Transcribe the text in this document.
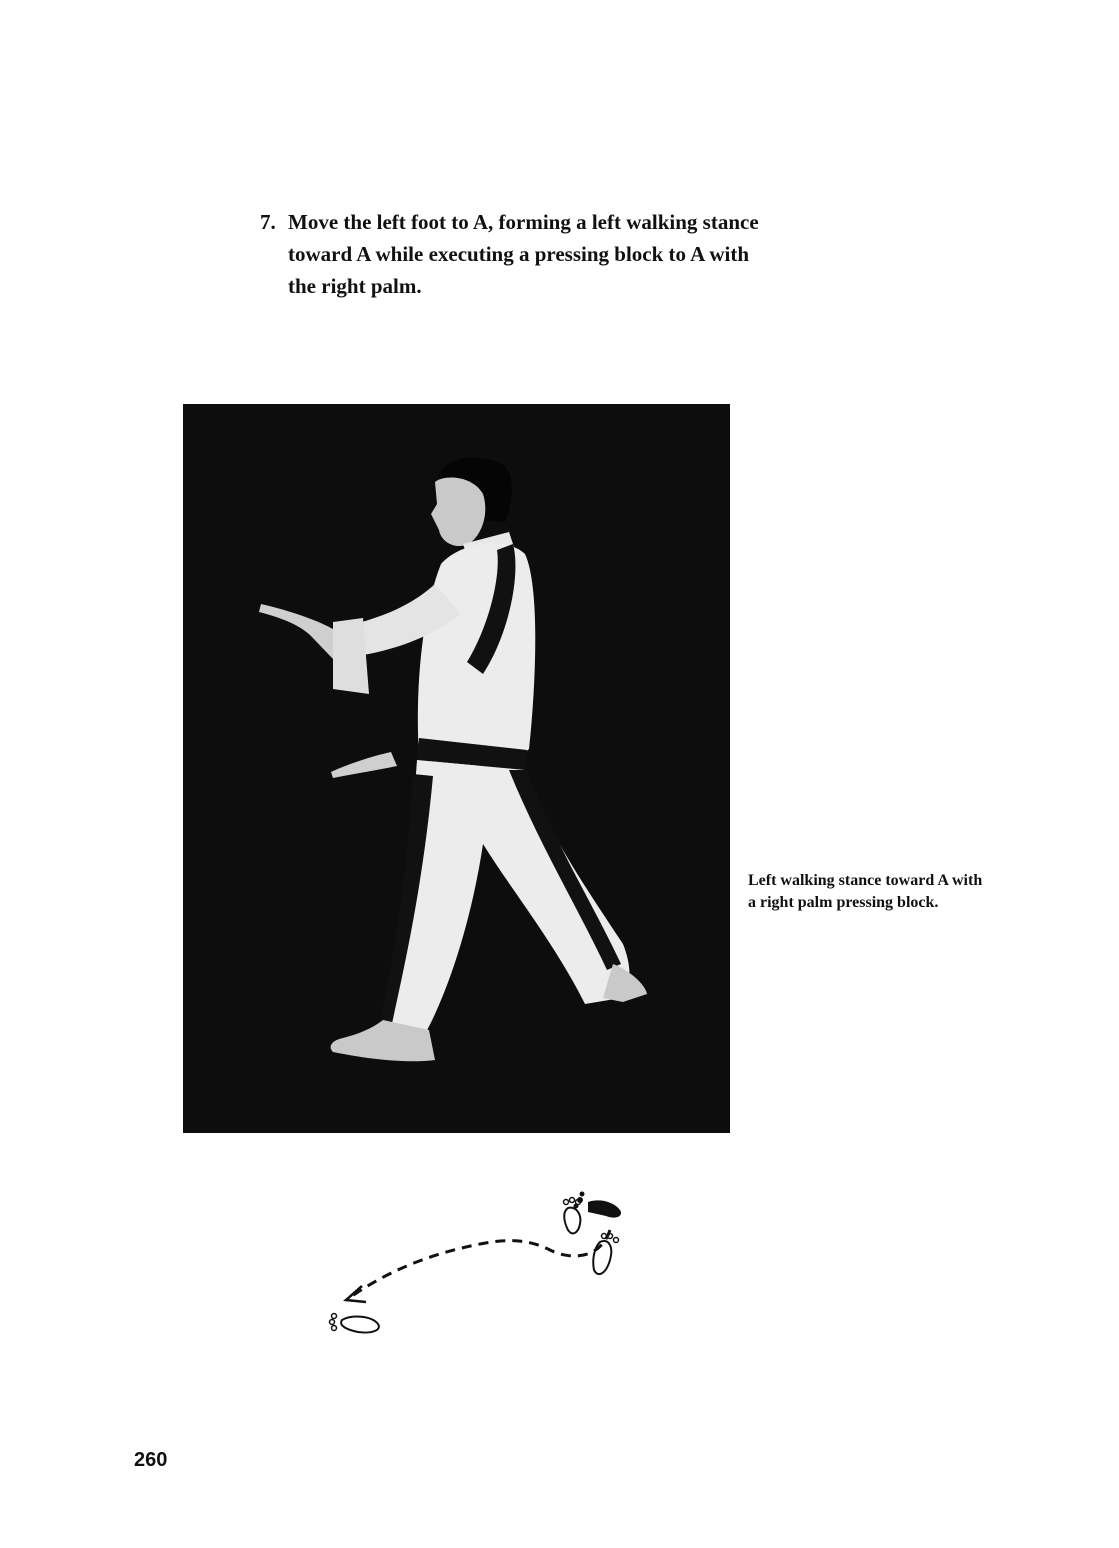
7. Move the left foot to A, forming a left walking stance
toward A while executing a pressing block to A with
the right palm.
Left walking stance toward A with
a right palm pressing block.
260
